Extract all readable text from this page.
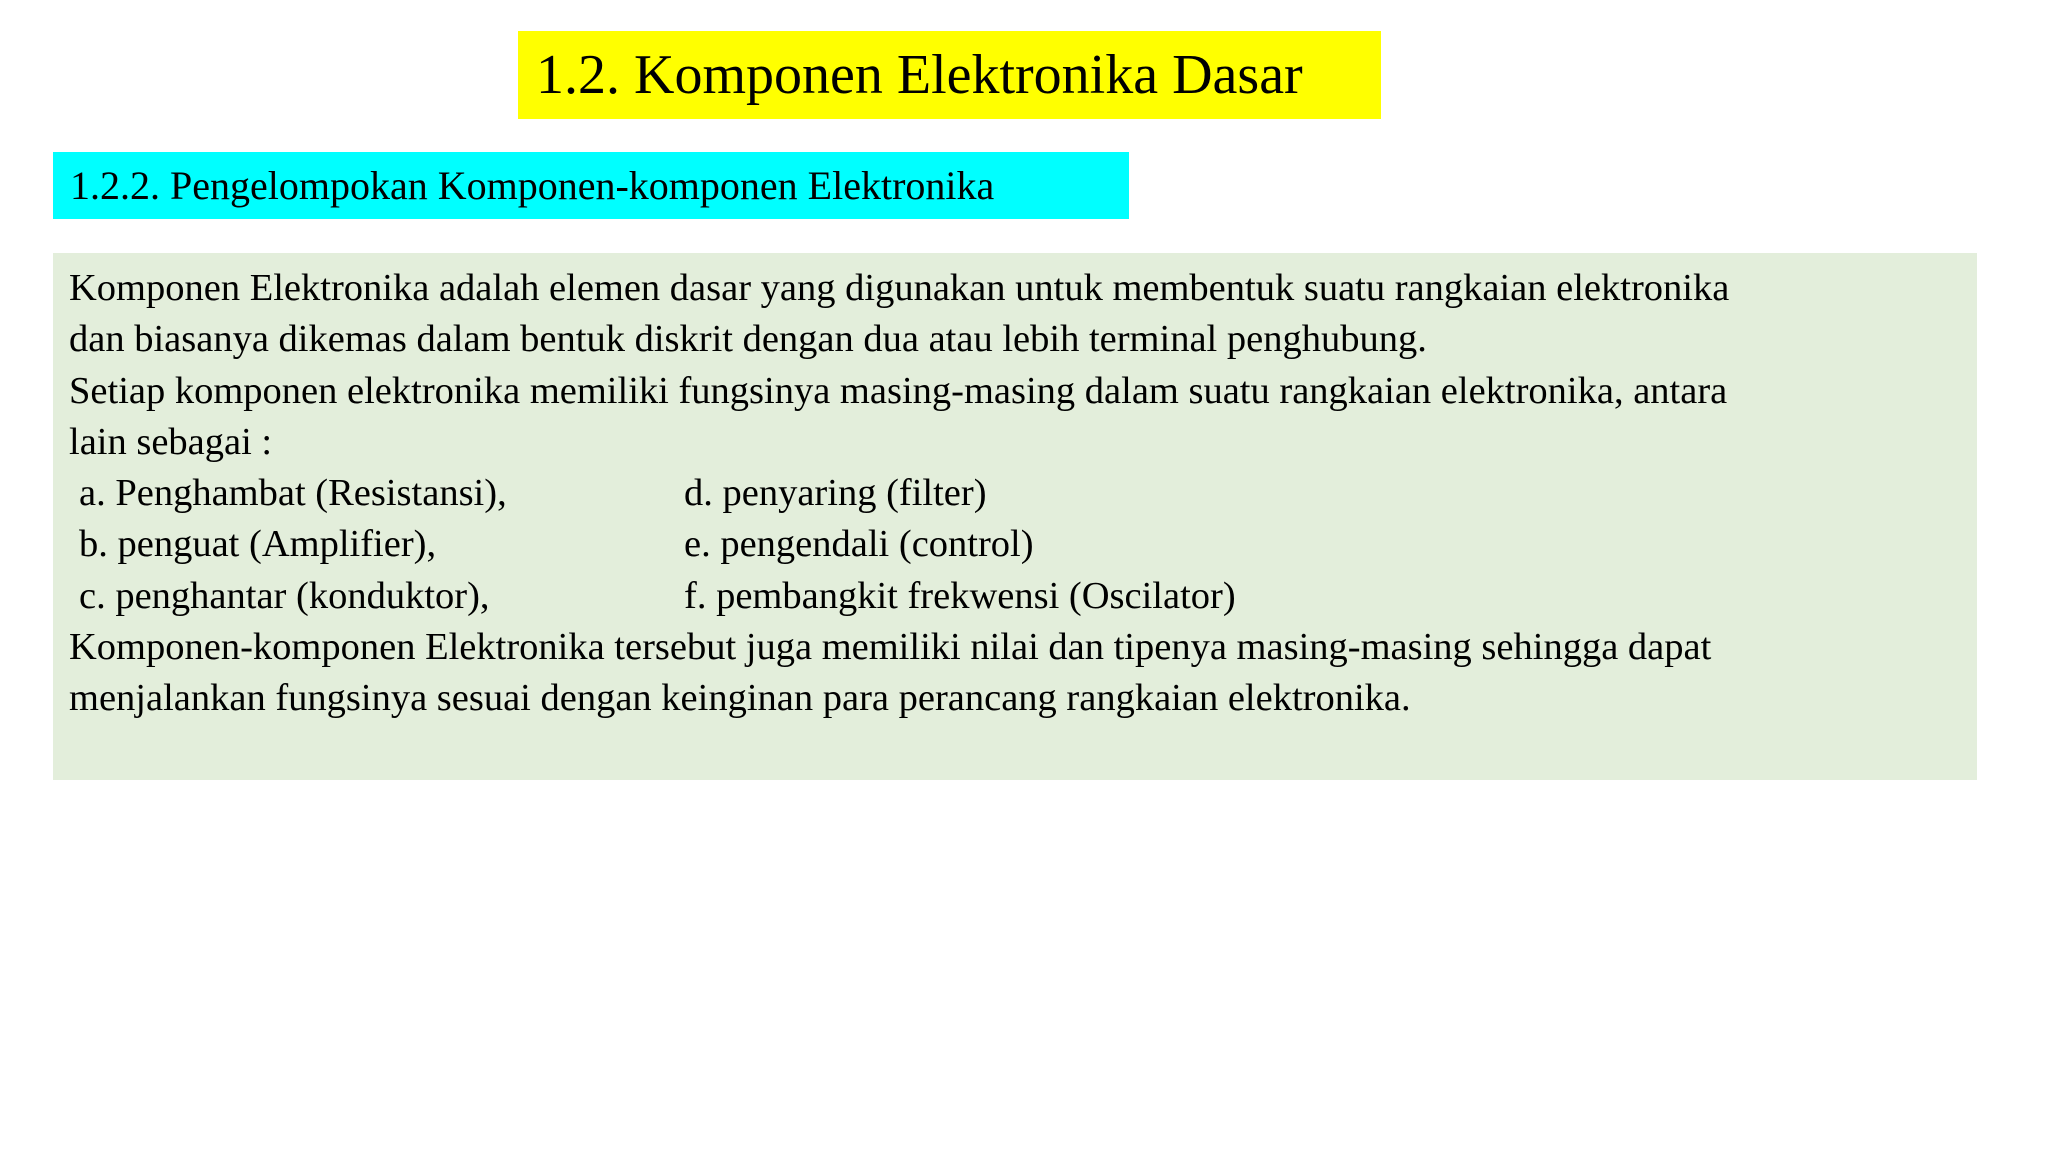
1.2. Komponen Elektronika Dasar
1.2.2. Pengelompokan Komponen-komponen Elektronika

Komponen Elektronika adalah elemen dasar yang digunakan untuk membentuk suatu rangkaian elektronika

dan biasanya dikemas dalam bentuk diskrit dengan dua atau lebih terminal penghubung.

Setiap komponen elektronika memiliki fungsinya masing-masing dalam suatu rangkaian elektronika, antara

lain sebagai :

a. Penghambat (Resistansi),	d. penyaring (filter)
b. penguat (Amplifier),	e. pengendali (control)
c. penghantar (konduktor),	f. pembangkit frekwensi (Oscilator)

Komponen-komponen Elektronika tersebut juga memiliki nilai dan tipenya masing-masing sehingga dapat

menjalankan fungsinya sesuai dengan keinginan para perancang rangkaian elektronika.
